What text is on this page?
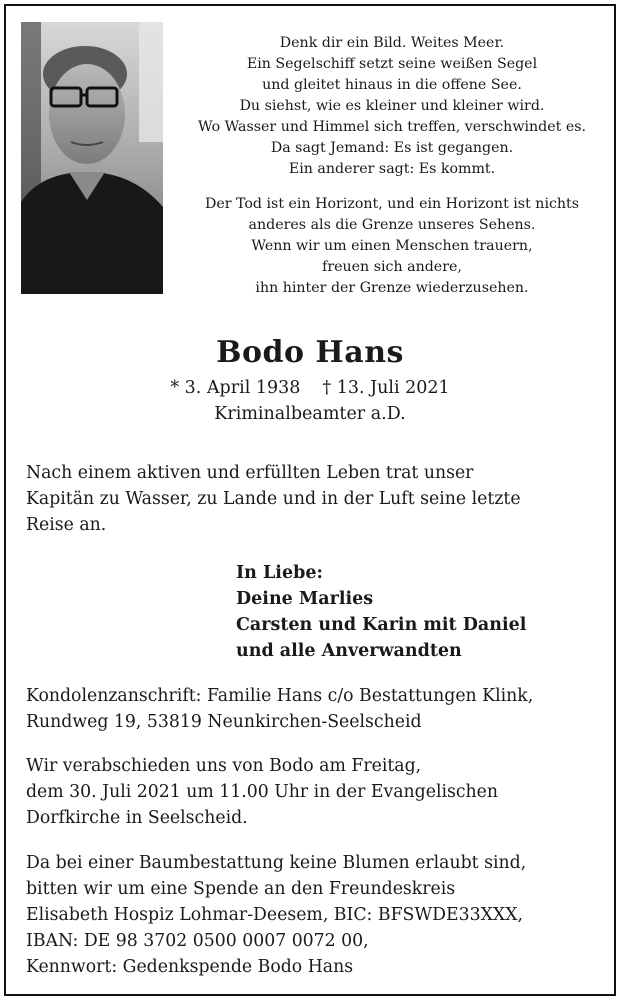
Denk dir ein Bild. Weites Meer.
Ein Segelschiff setzt seine weißen Segel
und gleitet hinaus in die offene See.
Du siehst, wie es kleiner und kleiner wird.
Wo Wasser und Himmel sich treffen, verschwindet es.
Da sagt Jemand: Es ist gegangen.
Ein anderer sagt: Es kommt.
Der Tod ist ein Horizont, und ein Horizont ist nichts
anderes als die Grenze unseres Sehens.
Wenn wir um einen Menschen trauern,
freuen sich andere,
ihn hinter der Grenze wiederzusehen.
Bodo Hans
* 3. April 1938 † 13. Juli 2021
Kriminalbeamter a.D.
Nach einem aktiven und erfüllten Leben trat unser
Kapitän zu Wasser, zu Lande und in der Luft seine letzte
Reise an.
In Liebe:
Deine Marlies
Carsten und Karin mit Daniel
und alle Anverwandten
Kondolenzanschrift: Familie Hans c/o Bestattungen Klink,
Rundweg 19, 53819 Neunkirchen-Seelscheid
Wir verabschieden uns von Bodo am Freitag,
dem 30. Juli 2021 um 11.00 Uhr in der Evangelischen
Dorfkirche in Seelscheid.
Da bei einer Baumbestattung keine Blumen erlaubt sind,
bitten wir um eine Spende an den Freundeskreis
Elisabeth Hospiz Lohmar-Deesem, BIC: BFSWDE33XXX,
IBAN: DE 98 3702 0500 0007 0072 00,
Kennwort: Gedenkspende Bodo Hans
